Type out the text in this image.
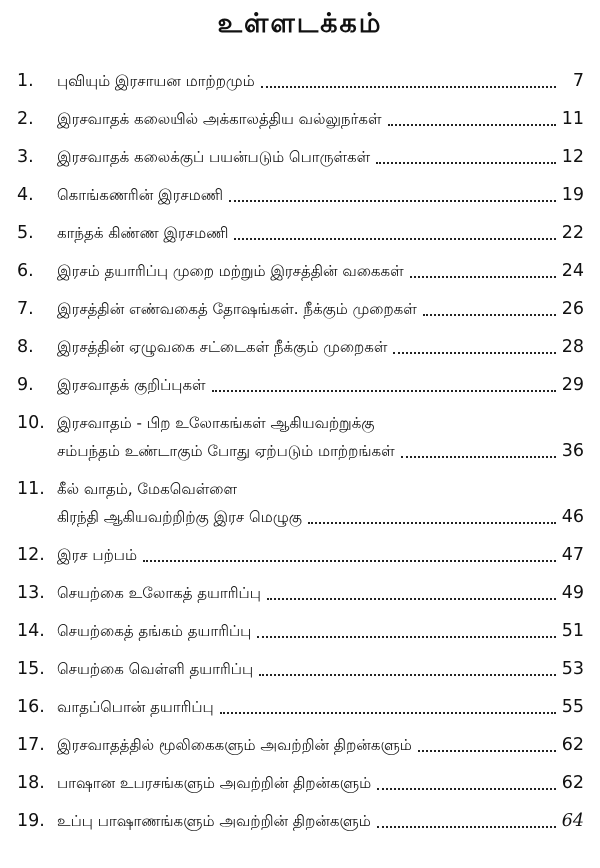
உள்ளடக்கம்
1.	புவியும் இரசாயன மாற்றமும்	7
2.	இரசவாதக் கலையில் அக்காலத்திய வல்லுநர்கள்	11
3.	இரசவாதக் கலைக்குப் பயன்படும் பொருள்கள்	12
4.	கொங்கணரின் இரசமணி	19
5.	காந்தக் கிண்ண இரசமணி	22
6.	இரசம் தயாரிப்பு முறை மற்றும் இரசத்தின் வகைகள்	24
7.	இரசத்தின் எண்வகைத் தோஷங்கள். நீக்கும் முறைகள்	26
8.	இரசத்தின் ஏழுவகை சட்டைகள் நீக்கும் முறைகள்	28
9.	இரசவாதக் குறிப்புகள்	29
10. இரசவாதம் - பிற உலோகங்கள் ஆகியவற்றுக்கு
சம்பந்தம் உண்டாகும் போது ஏற்படும் மாற்றங்கள்	36
11. கீல் வாதம், மேகவெள்ளை
கிரந்தி ஆகியவற்றிற்கு இரச மெழுகு	46
12. இரச பற்பம்	47
13. செயற்கை உலோகத் தயாரிப்பு	49
14. செயற்கைத் தங்கம் தயாரிப்பு	51
15. செயற்கை வெள்ளி தயாரிப்பு	53
16. வாதப்பொன் தயாரிப்பு	55
17. இரசவாதத்தில் மூலிகைகளும் அவற்றின் திறன்களும்	62
18. பாஷான உபரசங்களும் அவற்றின் திறன்களும்	62
19. உப்பு பாஷாணங்களும் அவற்றின் திறன்களும்	64
